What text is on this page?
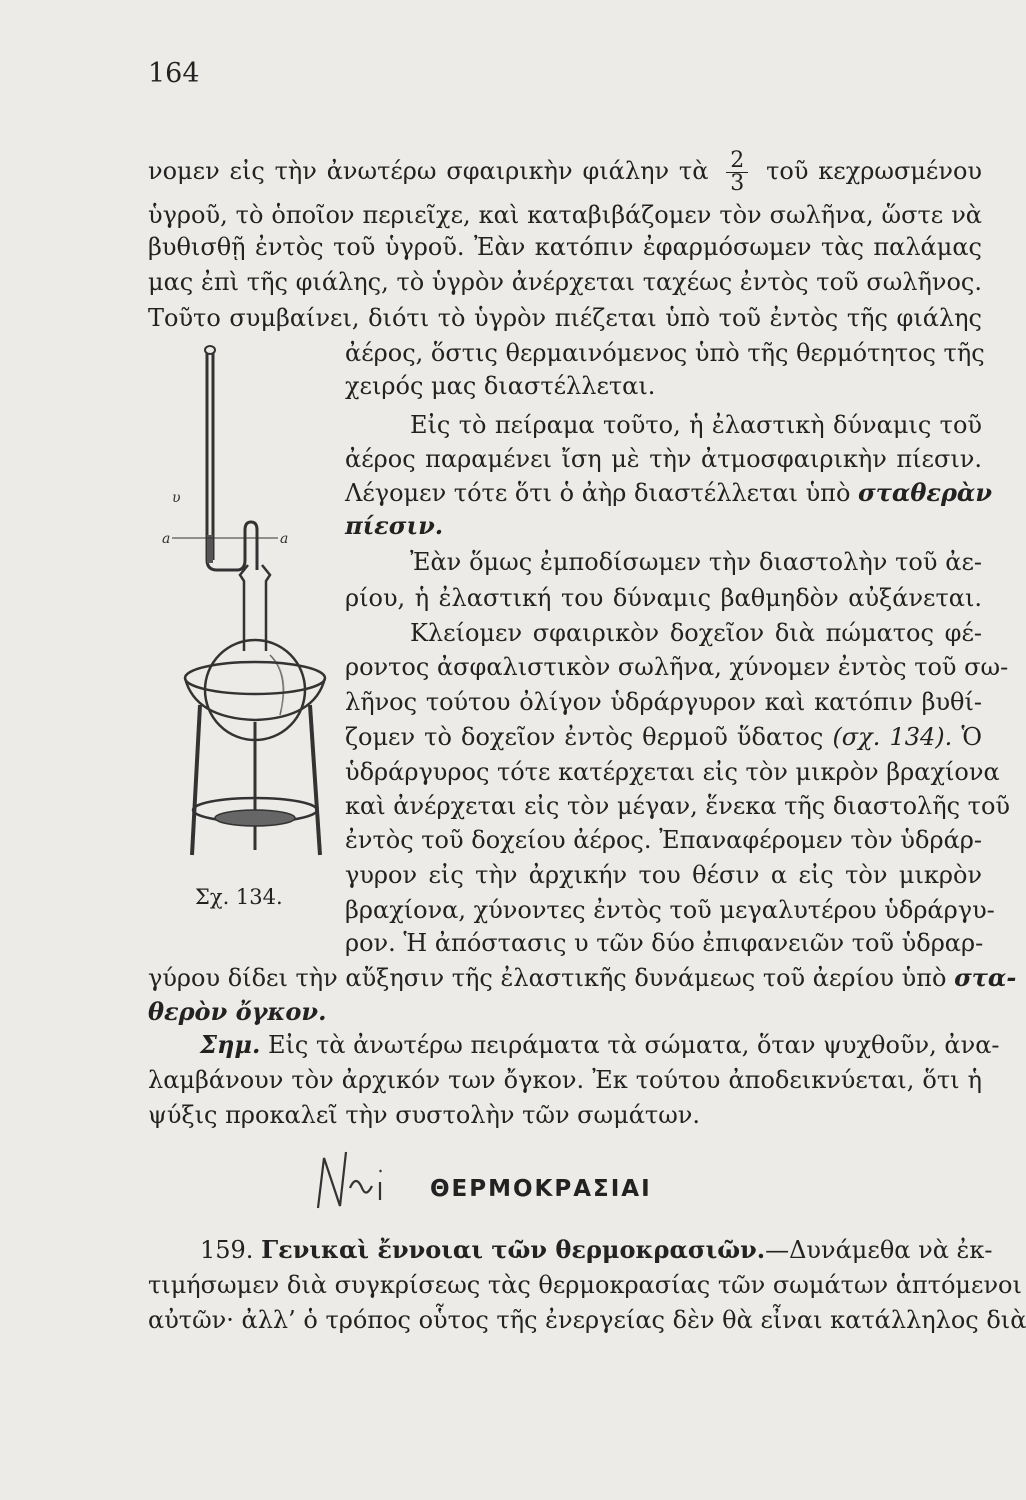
164
νομεν εἰς τὴν ἀνωτέρω σφαιρικὴν φιάλην τὰ $\frac{2}{3}$ τοῦ κεχρωσμένου
ὑγροῦ, τὸ ὁποῖον περιεῖχε, καὶ καταβιβάζομεν τὸν σωλῆνα, ὥστε νὰ
βυθισθῇ ἐντὸς τοῦ ὑγροῦ. Ἐὰν κατόπιν ἐφαρμόσωμεν τὰς παλάμας
μας ἐπὶ τῆς φιάλης, τὸ ὑγρὸν ἀνέρχεται ταχέως ἐντὸς τοῦ σωλῆνος.
Τοῦτο συμβαίνει, διότι τὸ ὑγρὸν πιέζεται ὑπὸ τοῦ ἐντὸς τῆς φιάλης
ἀέρος, ὅστις θερμαινόμενος ὑπὸ τῆς θερμότητος τῆς
χειρός μας διαστέλλεται.
Εἰς τὸ πείραμα τοῦτο, ἡ ἐλαστικὴ δύναμις τοῦ
ἀέρος παραμένει ἴση μὲ τὴν ἀτμοσφαιρικὴν πίεσιν.
Λέγομεν τότε ὅτι ὁ ἀὴρ διαστέλλεται ὑπὸ σταθερὰν
πίεσιν.
Ἐὰν ὅμως ἐμποδίσωμεν τὴν διαστολὴν τοῦ ἀε-
ρίου, ἡ ἐλαστική του δύναμις βαθμηδὸν αὐξάνεται.
Κλείομεν σφαιρικὸν δοχεῖον διὰ πώματος φέ-
ροντος ἀσφαλιστικὸν σωλῆνα, χύνομεν ἐντὸς τοῦ σω-
λῆνος τούτου ὀλίγον ὑδράργυρον καὶ κατόπιν βυθί-
ζομεν τὸ δοχεῖον ἐντὸς θερμοῦ ὕδατος (σχ. 134). Ὁ
ὑδράργυρος τότε κατέρχεται εἰς τὸν μικρὸν βραχίονα
καὶ ἀνέρχεται εἰς τὸν μέγαν, ἕνεκα τῆς διαστολῆς τοῦ
ἐντὸς τοῦ δοχείου ἀέρος. Ἐπαναφέρομεν τὸν ὑδράρ-
γυρον εἰς τὴν ἀρχικήν του θέσιν α εἰς τὸν μικρὸν
βραχίονα, χύνοντες ἐντὸς τοῦ μεγαλυτέρου ὑδράργυ-
ρον. Ἡ ἀπόστασις υ τῶν δύο ἐπιφανειῶν τοῦ ὑδραρ-
γύρου δίδει τὴν αὔξησιν τῆς ἐλαστικῆς δυνάμεως τοῦ ἀερίου ὑπὸ στα-
θερὸν ὄγκον.
Σημ. Εἰς τὰ ἀνωτέρω πειράματα τὰ σώματα, ὅταν ψυχθοῦν, ἀνα-
λαμβάνουν τὸν ἀρχικόν των ὄγκον. Ἐκ τούτου ἀποδεικνύεται, ὅτι ἡ
ψύξις προκαλεῖ τὴν συστολὴν τῶν σωμάτων.
ΘΕΡΜΟΚΡΑΣΙΑΙ
159. Γενικαὶ ἔννοιαι τῶν θερμοκρασιῶν.—Δυνάμεθα νὰ ἐκ-
τιμήσωμεν διὰ συγκρίσεως τὰς θερμοκρασίας τῶν σωμάτων ἁπτόμενοι
αὐτῶν· ἀλλ’ ὁ τρόπος οὗτος τῆς ἐνεργείας δὲν θὰ εἶναι κατάλληλος διὰ
υ
a	a
Σχ. 134.
